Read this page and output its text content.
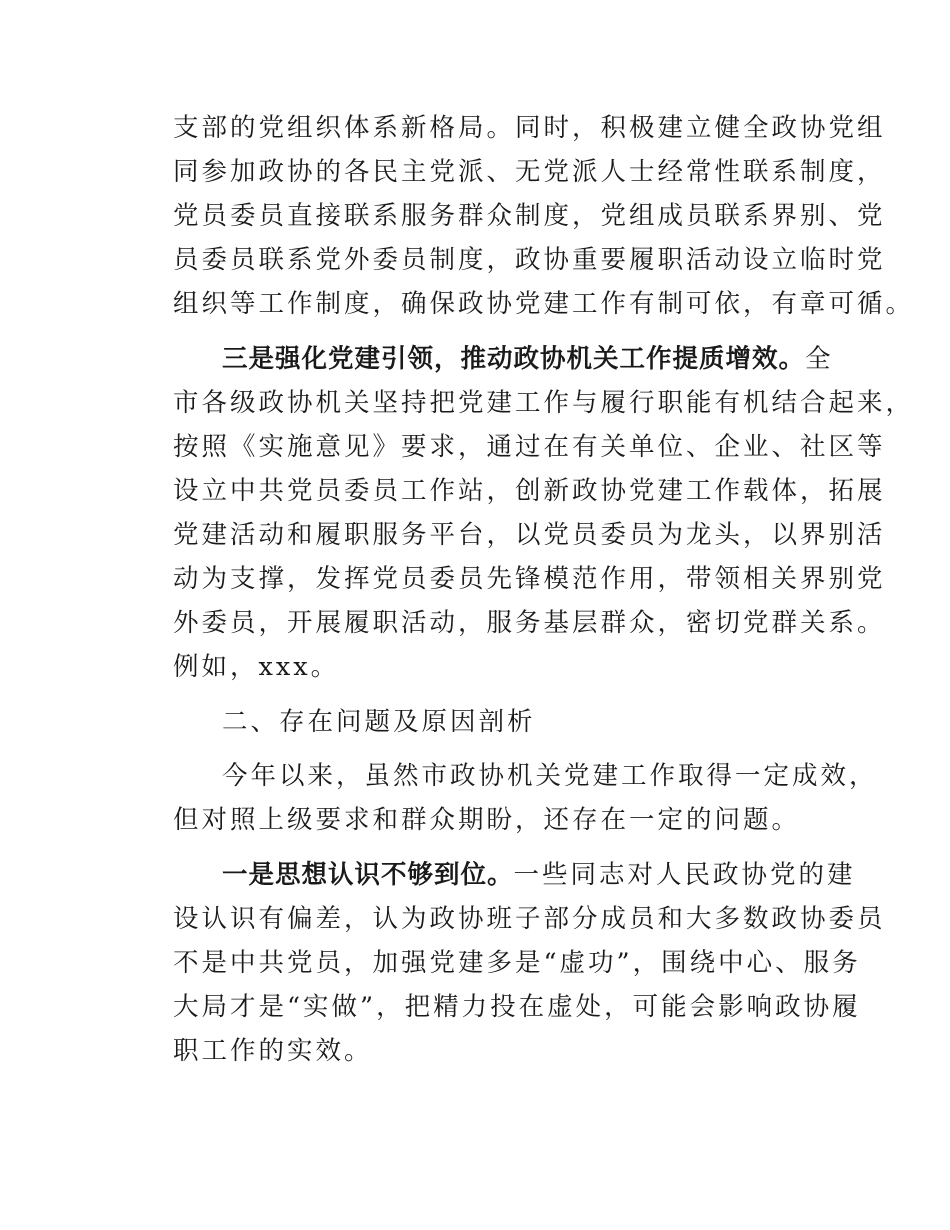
支部的党组织体系新格局。同时，积极建立健全政协党组
同参加政协的各民主党派、无党派人士经常性联系制度，
党员委员直接联系服务群众制度，党组成员联系界别、党
员委员联系党外委员制度，政协重要履职活动设立临时党
组织等工作制度，确保政协党建工作有制可依，有章可循。
三是强化党建引领，推动政协机关工作提质增效。全
市各级政协机关坚持把党建工作与履行职能有机结合起来，
按照《实施意见》要求，通过在有关单位、企业、社区等
设立中共党员委员工作站，创新政协党建工作载体，拓展
党建活动和履职服务平台，以党员委员为龙头，以界别活
动为支撑，发挥党员委员先锋模范作用，带领相关界别党
外委员，开展履职活动，服务基层群众，密切党群关系。
例如，xxx。
二、存在问题及原因剖析
今年以来，虽然市政协机关党建工作取得一定成效，
但对照上级要求和群众期盼，还存在一定的问题。
一是思想认识不够到位。一些同志对人民政协党的建
设认识有偏差，认为政协班子部分成员和大多数政协委员
不是中共党员，加强党建多是“虚功”，围绕中心、服务
大局才是“实做”，把精力投在虚处，可能会影响政协履
职工作的实效。
